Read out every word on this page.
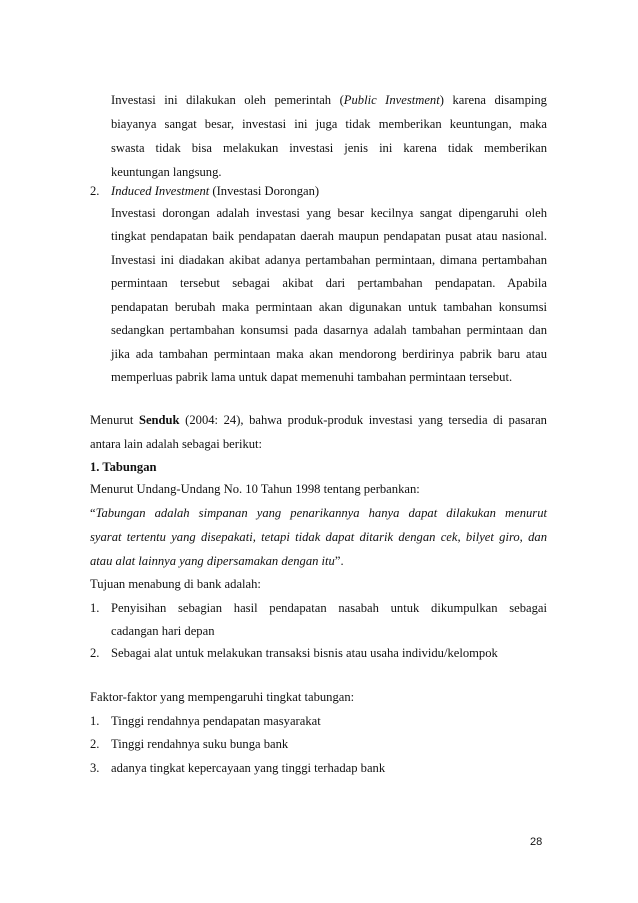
Investasi ini dilakukan oleh pemerintah (Public Investment) karena disamping
biayanya sangat besar, investasi ini juga tidak memberikan keuntungan, maka
swasta tidak bisa melakukan investasi jenis ini karena tidak memberikan
keuntungan langsung.
2. Induced Investment (Investasi Dorongan)
Investasi dorongan adalah investasi yang besar kecilnya sangat dipengaruhi oleh
tingkat pendapatan baik pendapatan daerah maupun pendapatan pusat atau nasional.
Investasi ini diadakan akibat adanya pertambahan permintaan, dimana pertambahan
permintaan tersebut sebagai akibat dari pertambahan pendapatan. Apabila
pendapatan berubah maka permintaan akan digunakan untuk tambahan konsumsi
sedangkan pertambahan konsumsi pada dasarnya adalah tambahan permintaan dan
jika ada tambahan permintaan maka akan mendorong berdirinya pabrik baru atau
memperluas pabrik lama untuk dapat memenuhi tambahan permintaan tersebut.
Menurut Senduk (2004: 24), bahwa produk-produk investasi yang tersedia di pasaran
antara lain adalah sebagai berikut:
1. Tabungan
Menurut Undang-Undang No. 10 Tahun 1998 tentang perbankan:
“Tabungan adalah simpanan yang penarikannya hanya dapat dilakukan menurut
syarat tertentu yang disepakati, tetapi tidak dapat ditarik dengan cek, bilyet giro, dan
atau alat lainnya yang dipersamakan dengan itu”.
Tujuan menabung di bank adalah:
1. Penyisihan sebagian hasil pendapatan nasabah untuk dikumpulkan sebagai
cadangan hari depan
2. Sebagai alat untuk melakukan transaksi bisnis atau usaha individu/kelompok
Faktor-faktor yang mempengaruhi tingkat tabungan:
1. Tinggi rendahnya pendapatan masyarakat
2. Tinggi rendahnya suku bunga bank
3. adanya tingkat kepercayaan yang tinggi terhadap bank
28
